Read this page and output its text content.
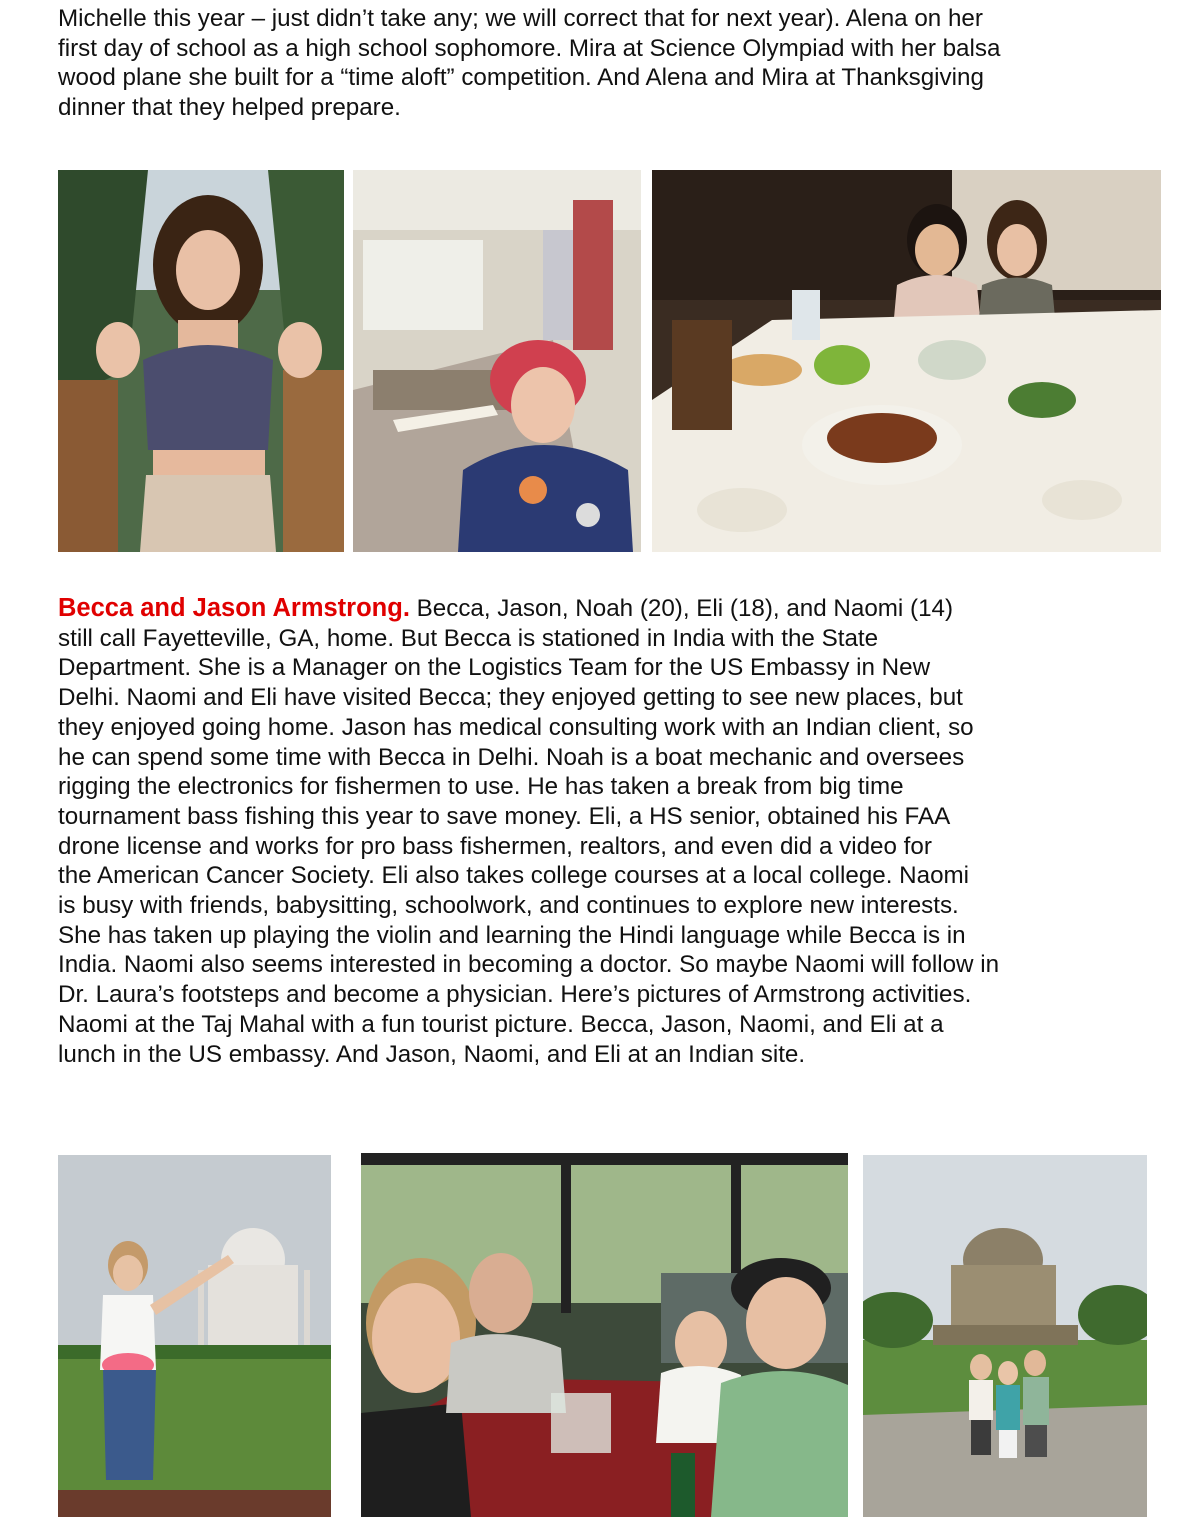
Michelle this year – just didn’t take any; we will correct that for next year). Alena on her
first day of school as a high school sophomore. Mira at Science Olympiad with her balsa
wood plane she built for a “time aloft” competition. And Alena and Mira at Thanksgiving
dinner that they helped prepare.

Becca and Jason Armstrong. Becca, Jason, Noah (20), Eli (18), and Naomi (14)
still call Fayetteville, GA, home. But Becca is stationed in India with the State
Department. She is a Manager on the Logistics Team for the US Embassy in New
Delhi. Naomi and Eli have visited Becca; they enjoyed getting to see new places, but
they enjoyed going home. Jason has medical consulting work with an Indian client, so
he can spend some time with Becca in Delhi. Noah is a boat mechanic and oversees
rigging the electronics for fishermen to use. He has taken a break from big time
tournament bass fishing this year to save money. Eli, a HS senior, obtained his FAA
drone license and works for pro bass fishermen, realtors, and even did a video for
the American Cancer Society. Eli also takes college courses at a local college. Naomi
is busy with friends, babysitting, schoolwork, and continues to explore new interests.
She has taken up playing the violin and learning the Hindi language while Becca is in
India. Naomi also seems interested in becoming a doctor. So maybe Naomi will follow in
Dr. Laura’s footsteps and become a physician. Here’s pictures of Armstrong activities.
Naomi at the Taj Mahal with a fun tourist picture. Becca, Jason, Naomi, and Eli at a
lunch in the US embassy. And Jason, Naomi, and Eli at an Indian site.
